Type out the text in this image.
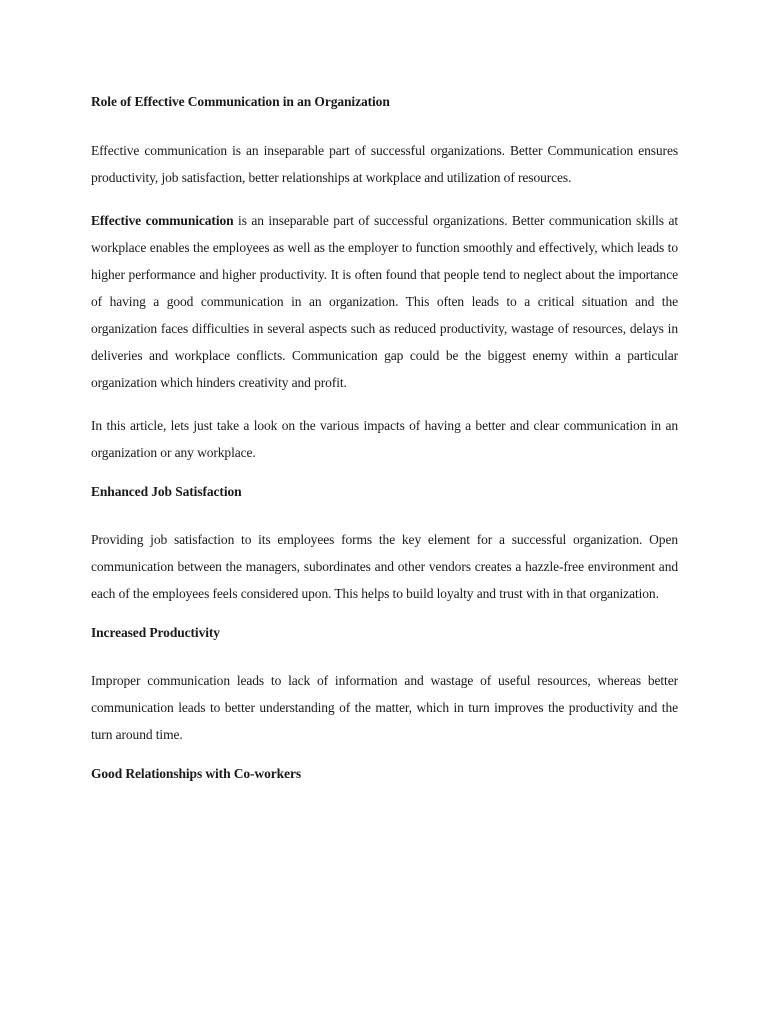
Role of Effective Communication in an Organization

Effective communication is an inseparable part of successful organizations. Better Communication ensures productivity, job satisfaction, better relationships at workplace and utilization of resources.

Effective communication is an inseparable part of successful organizations. Better communication skills at workplace enables the employees as well as the employer to function smoothly and effectively, which leads to higher performance and higher productivity. It is often found that people tend to neglect about the importance of having a good communication in an organization. This often leads to a critical situation and the organization faces difficulties in several aspects such as reduced productivity, wastage of resources, delays in deliveries and workplace conflicts. Communication gap could be the biggest enemy within a particular organization which hinders creativity and profit.

In this article, lets just take a look on the various impacts of having a better and clear communication in an organization or any workplace.

Enhanced Job Satisfaction

Providing job satisfaction to its employees forms the key element for a successful organization. Open communication between the managers, subordinates and other vendors creates a hazzle-free environment and each of the employees feels considered upon. This helps to build loyalty and trust with in that organization.

Increased Productivity

Improper communication leads to lack of information and wastage of useful resources, whereas better communication leads to better understanding of the matter, which in turn improves the productivity and the turn around time.

Good Relationships with Co-workers
